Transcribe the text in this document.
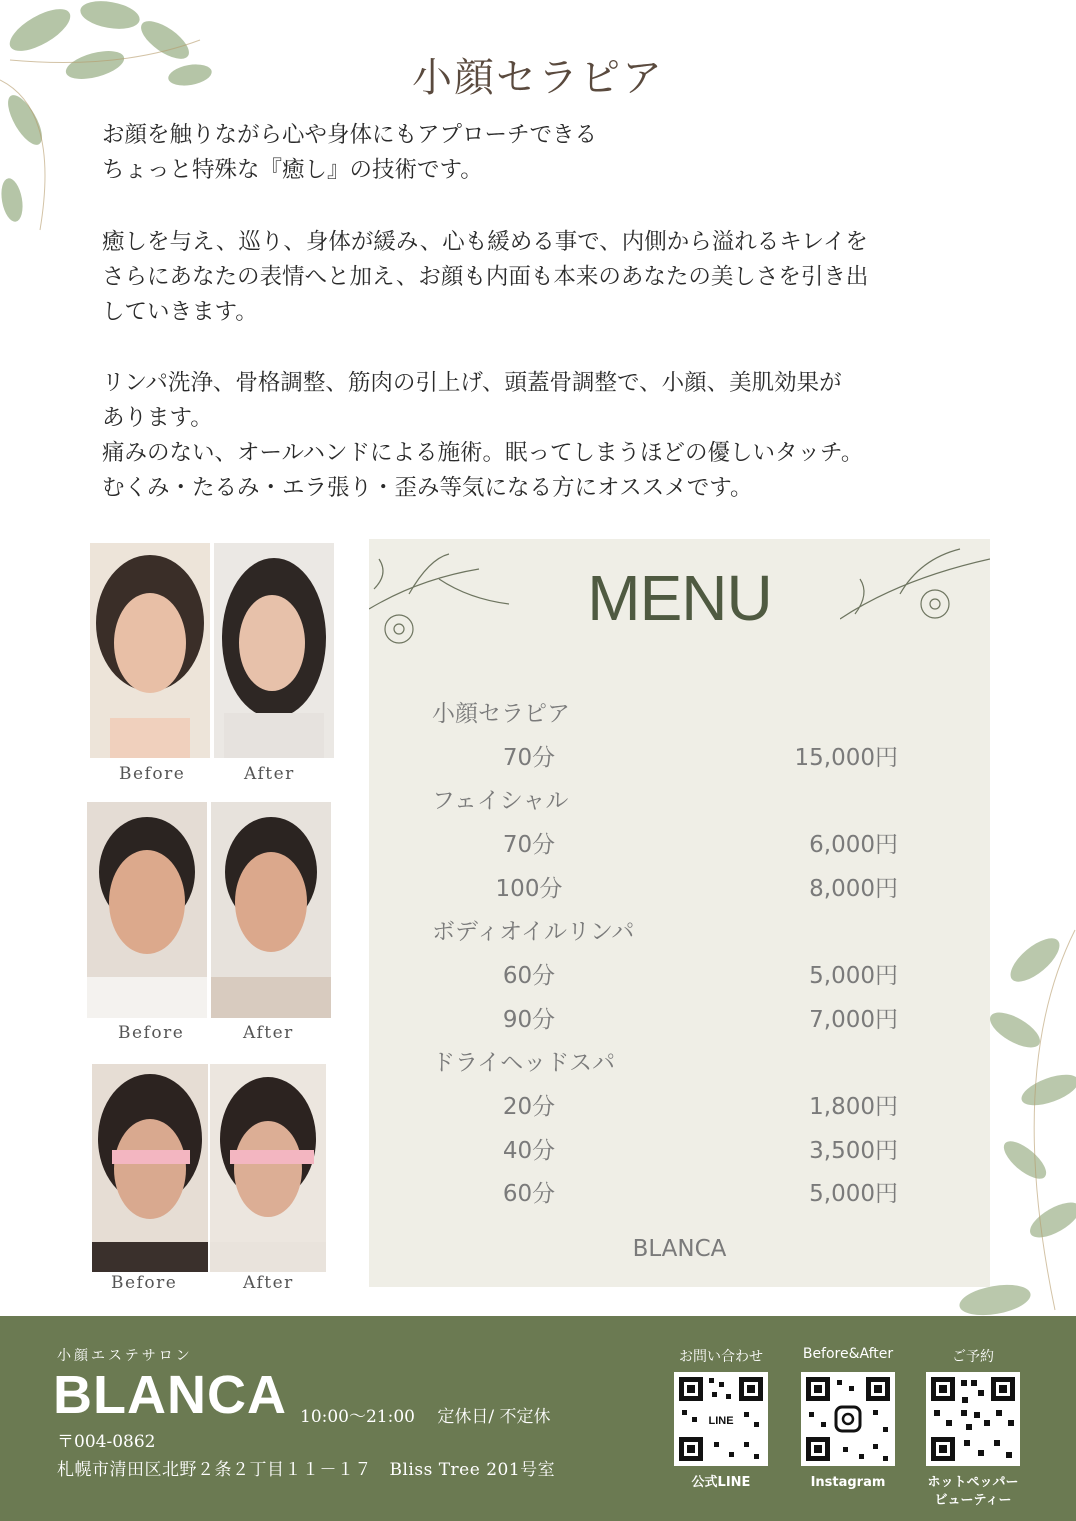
小顔セラピア
お顔を触りながら心や身体にもアプローチできる
ちょっと特殊な『癒し』の技術です。
癒しを与え、巡り、身体が緩み、心も緩める事で、内側から溢れるキレイを
さらにあなたの表情へと加え、お顔も内面も本来のあなたの美しさを引き出
していきます。
リンパ洗浄、骨格調整、筋肉の引上げ、頭蓋骨調整で、小顔、美肌効果が
あります。
痛みのない、オールハンドによる施術。眠ってしまうほどの優しいタッチ。
むくみ・たるみ・エラ張り・歪み等気になる方にオススメです。
Before	After
Before	After
Before	After
MENU
小顔セラピア
70分	15,000円
フェイシャル
70分	6,000円
100分	8,000円
ボディオイルリンパ
60分	5,000円
90分	7,000円
ドライヘッドスパ
20分	1,800円
40分	3,500円
60分	5,000円
BLANCA
小顔エステサロン
BLANCA 10:00〜21:00　 定休日/ 不定休
〒004-0862
札幌市清田区北野２条２丁目１１－１７　Bliss Tree 201号室
お問い合わせ
LINE
公式LINE
Before&After
Instagram
ご予約
ホットペッパー
ビューティー
